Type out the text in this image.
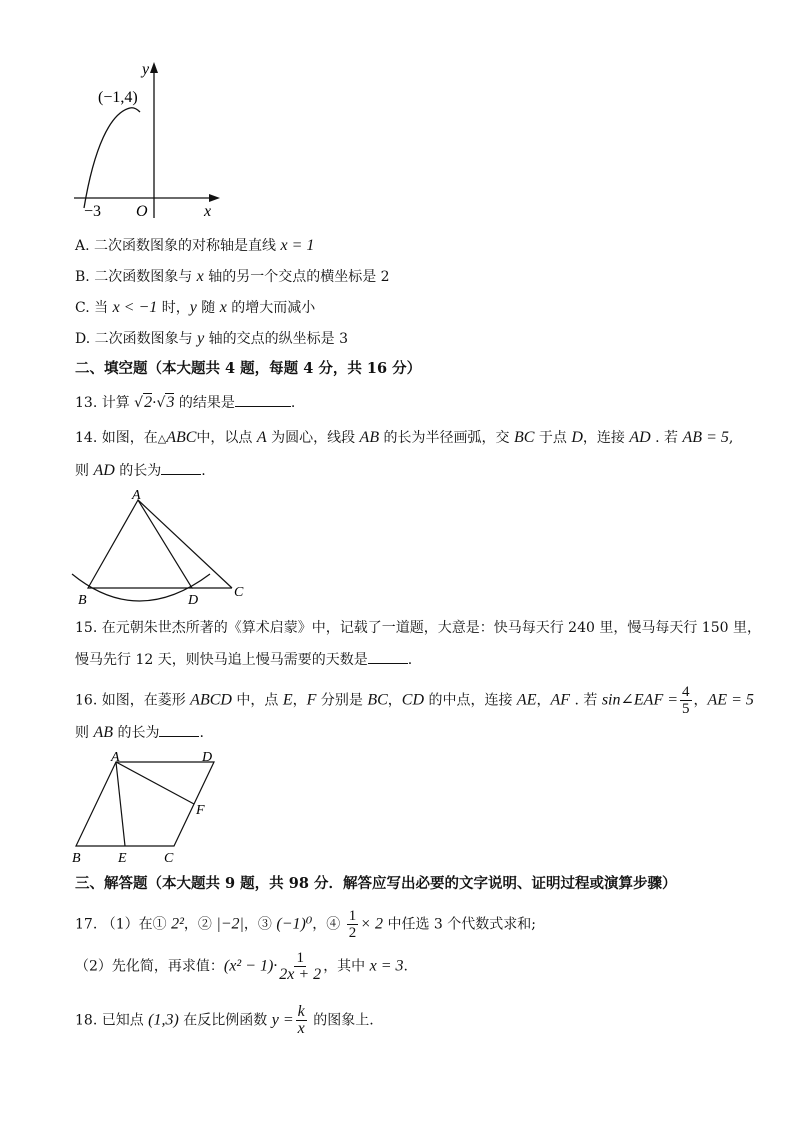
y
x
O
(−1,4)
−3
A. 二次函数图象的对称轴是直线 x = 1
B. 二次函数图象与 x 轴的另一个交点的横坐标是 2
C. 当 x < −1 时，y 随 x 的增大而减小
D. 二次函数图象与 y 轴的交点的纵坐标是 3
二、填空题（本大题共 4 题，每题 4 分，共 16 分）
13. 计算 √2·√3 的结果是	.
14. 如图，在△ABC中，以点 A 为圆心，线段 AB 的长为半径画弧，交 BC 于点 D，连接 AD . 若 AB = 5,
则 AD 的长为	.
A
B	D
C
15. 在元朝朱世杰所著的《算术启蒙》中，记载了一道题，大意是：快马每天行 240 里，慢马每天行 150 里，
慢马先行 12 天，则快马追上慢马需要的天数是	.
16. 如图，在菱形 ABCD 中，点 E，F 分别是 BC，CD 的中点，连接 AE，AF . 若 sin∠EAF = $\frac{4}{5}$ ，AE = 5
则 AB 的长为	.
A	D
F
B	E	C
三、解答题（本大题共 9 题，共 98 分．解答应写出必要的文字说明、证明过程或演算步骤）
17. （1）在① 2²，② |−2|，③ (−1)⁰，④ $\frac{1}{2} \times 2$ 中任选 3 个代数式求和;
（2）先化简，再求值：$(x^2 - 1)\cdot \frac{1}{2x + 2}$ ，其中 x = 3.
18. 已知点 (1,3) 在反比例函数 $y = \frac{k}{x}$ 的图象上.
